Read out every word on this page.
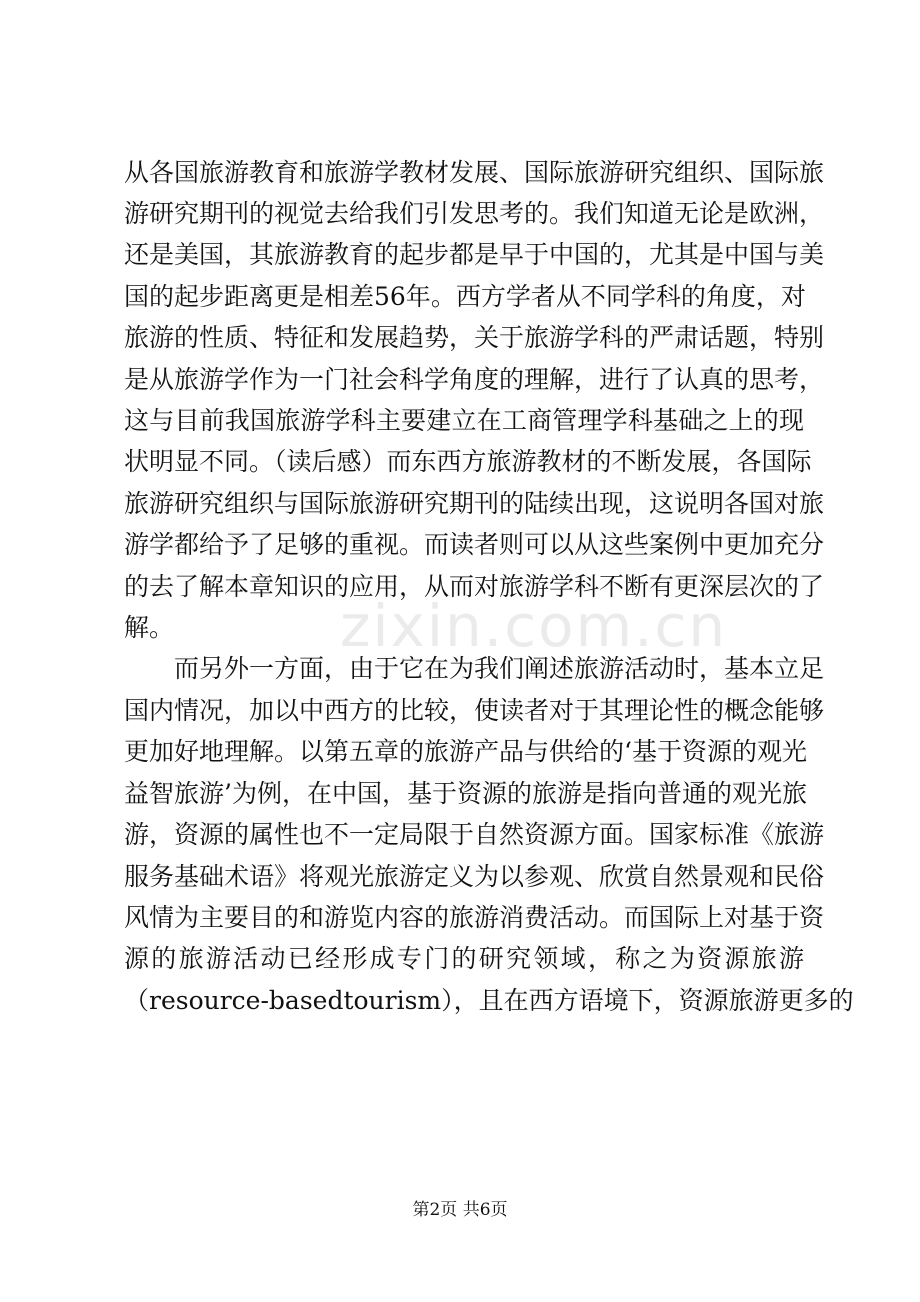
从各国旅游教育和旅游学教材发展、国际旅游研究组织、国际旅
游研究期刊的视觉去给我们引发思考的。我们知道无论是欧洲，
还是美国，其旅游教育的起步都是早于中国的，尤其是中国与美
国的起步距离更是相差56年。西方学者从不同学科的角度，对
旅游的性质、特征和发展趋势，关于旅游学科的严肃话题，特别
是从旅游学作为一门社会科学角度的理解，进行了认真的思考，
这与目前我国旅游学科主要建立在工商管理学科基础之上的现
状明显不同。（读后感）而东西方旅游教材的不断发展，各国际
旅游研究组织与国际旅游研究期刊的陆续出现，这说明各国对旅
游学都给予了足够的重视。而读者则可以从这些案例中更加充分
的去了解本章知识的应用，从而对旅游学科不断有更深层次的了
解。
而另外一方面，由于它在为我们阐述旅游活动时，基本立足
国内情况，加以中西方的比较，使读者对于其理论性的概念能够
更加好地理解。以第五章的旅游产品与供给的‘基于资源的观光
益智旅游’为例，在中国，基于资源的旅游是指向普通的观光旅
游，资源的属性也不一定局限于自然资源方面。国家标准《旅游
服务基础术语》将观光旅游定义为以参观、欣赏自然景观和民俗
风情为主要目的和游览内容的旅游消费活动。而国际上对基于资
源的旅游活动已经形成专门的研究领域，称之为资源旅游
（resource-basedtourism），且在西方语境下，资源旅游更多的
zixin.com.cn
第2页 共6页
